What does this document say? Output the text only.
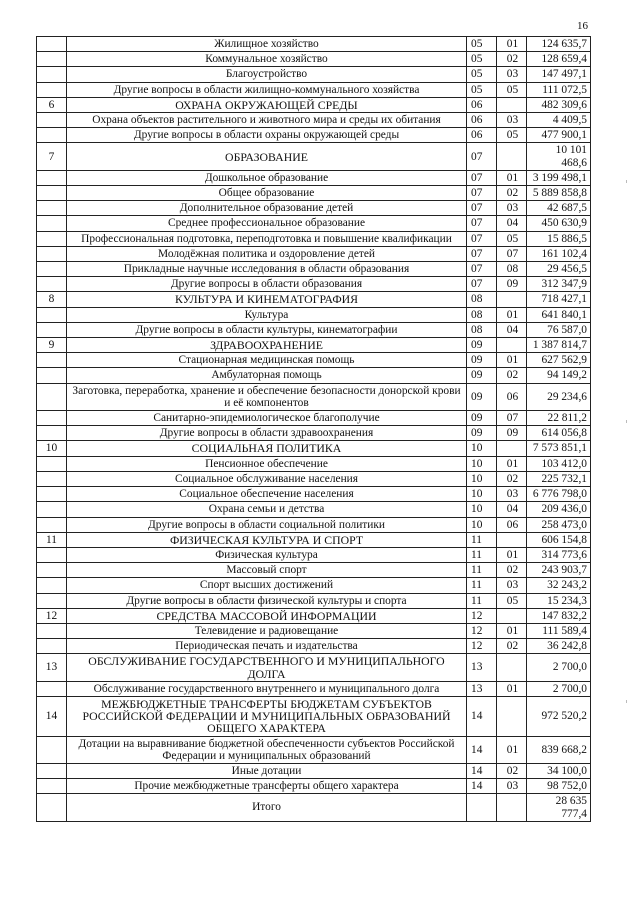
16
	Жилищное хозяйство	05	01	124 635,7
	Коммунальное хозяйство	05	02	128 659,4
	Благоустройство	05	03	147 497,1
	Другие вопросы в области жилищно-коммунального хозяйства	05	05	111 072,5
6	ОХРАНА ОКРУЖАЮЩЕЙ СРЕДЫ	06		482 309,6
	Охрана объектов растительного и животного мира и среды их обитания	06	03	4 409,5
	Другие вопросы в области охраны окружающей среды	06	05	477 900,1
7	ОБРАЗОВАНИЕ	07		10 101 468,6
	Дошкольное образование	07	01	3 199 498,1
	Общее образование	07	02	5 889 858,8
	Дополнительное образование детей	07	03	42 687,5
	Среднее профессиональное образование	07	04	450 630,9
	Профессиональная подготовка, переподготовка и повышение квалификации	07	05	15 886,5
	Молодёжная политика и оздоровление детей	07	07	161 102,4
	Прикладные научные исследования в области образования	07	08	29 456,5
	Другие вопросы в области образования	07	09	312 347,9
8	КУЛЬТУРА И КИНЕМАТОГРАФИЯ	08		718 427,1
	Культура	08	01	641 840,1
	Другие вопросы в области культуры, кинематографии	08	04	76 587,0
9	ЗДРАВООХРАНЕНИЕ	09		1 387 814,7
	Стационарная медицинская помощь	09	01	627 562,9
	Амбулаторная помощь	09	02	94 149,2
	Заготовка, переработка, хранение и обеспечение безопасности донорской крови и её компонентов	09	06	29 234,6
	Санитарно-эпидемиологическое благополучие	09	07	22 811,2
	Другие вопросы в области здравоохранения	09	09	614 056,8
10	СОЦИАЛЬНАЯ ПОЛИТИКА	10		7 573 851,1
	Пенсионное обеспечение	10	01	103 412,0
	Социальное обслуживание населения	10	02	225 732,1
	Социальное обеспечение населения	10	03	6 776 798,0
	Охрана семьи и детства	10	04	209 436,0
	Другие вопросы в области социальной политики	10	06	258 473,0
11	ФИЗИЧЕСКАЯ КУЛЬТУРА И СПОРТ	11		606 154,8
	Физическая культура	11	01	314 773,6
	Массовый спорт	11	02	243 903,7
	Спорт высших достижений	11	03	32 243,2
	Другие вопросы в области физической культуры и спорта	11	05	15 234,3
12	СРЕДСТВА МАССОВОЙ ИНФОРМАЦИИ	12		147 832,2
	Телевидение и радиовещание	12	01	111 589,4
	Периодическая печать и издательства	12	02	36 242,8
13	ОБСЛУЖИВАНИЕ ГОСУДАРСТВЕННОГО И МУНИЦИПАЛЬНОГО ДОЛГА	13		2 700,0
	Обслуживание государственного внутреннего и муниципального долга	13	01	2 700,0
14	МЕЖБЮДЖЕТНЫЕ ТРАНСФЕРТЫ БЮДЖЕТАМ СУБЪЕКТОВ РОССИЙСКОЙ ФЕДЕРАЦИИ И МУНИЦИПАЛЬНЫХ ОБРАЗОВАНИЙ ОБЩЕГО ХАРАКТЕРА	14		972 520,2
	Дотации на выравнивание бюджетной обеспеченности субъектов Российской Федерации и муниципальных образований	14	01	839 668,2
	Иные дотации	14	02	34 100,0
	Прочие межбюджетные трансферты общего характера	14	03	98 752,0
	Итого			28 635 777,4
